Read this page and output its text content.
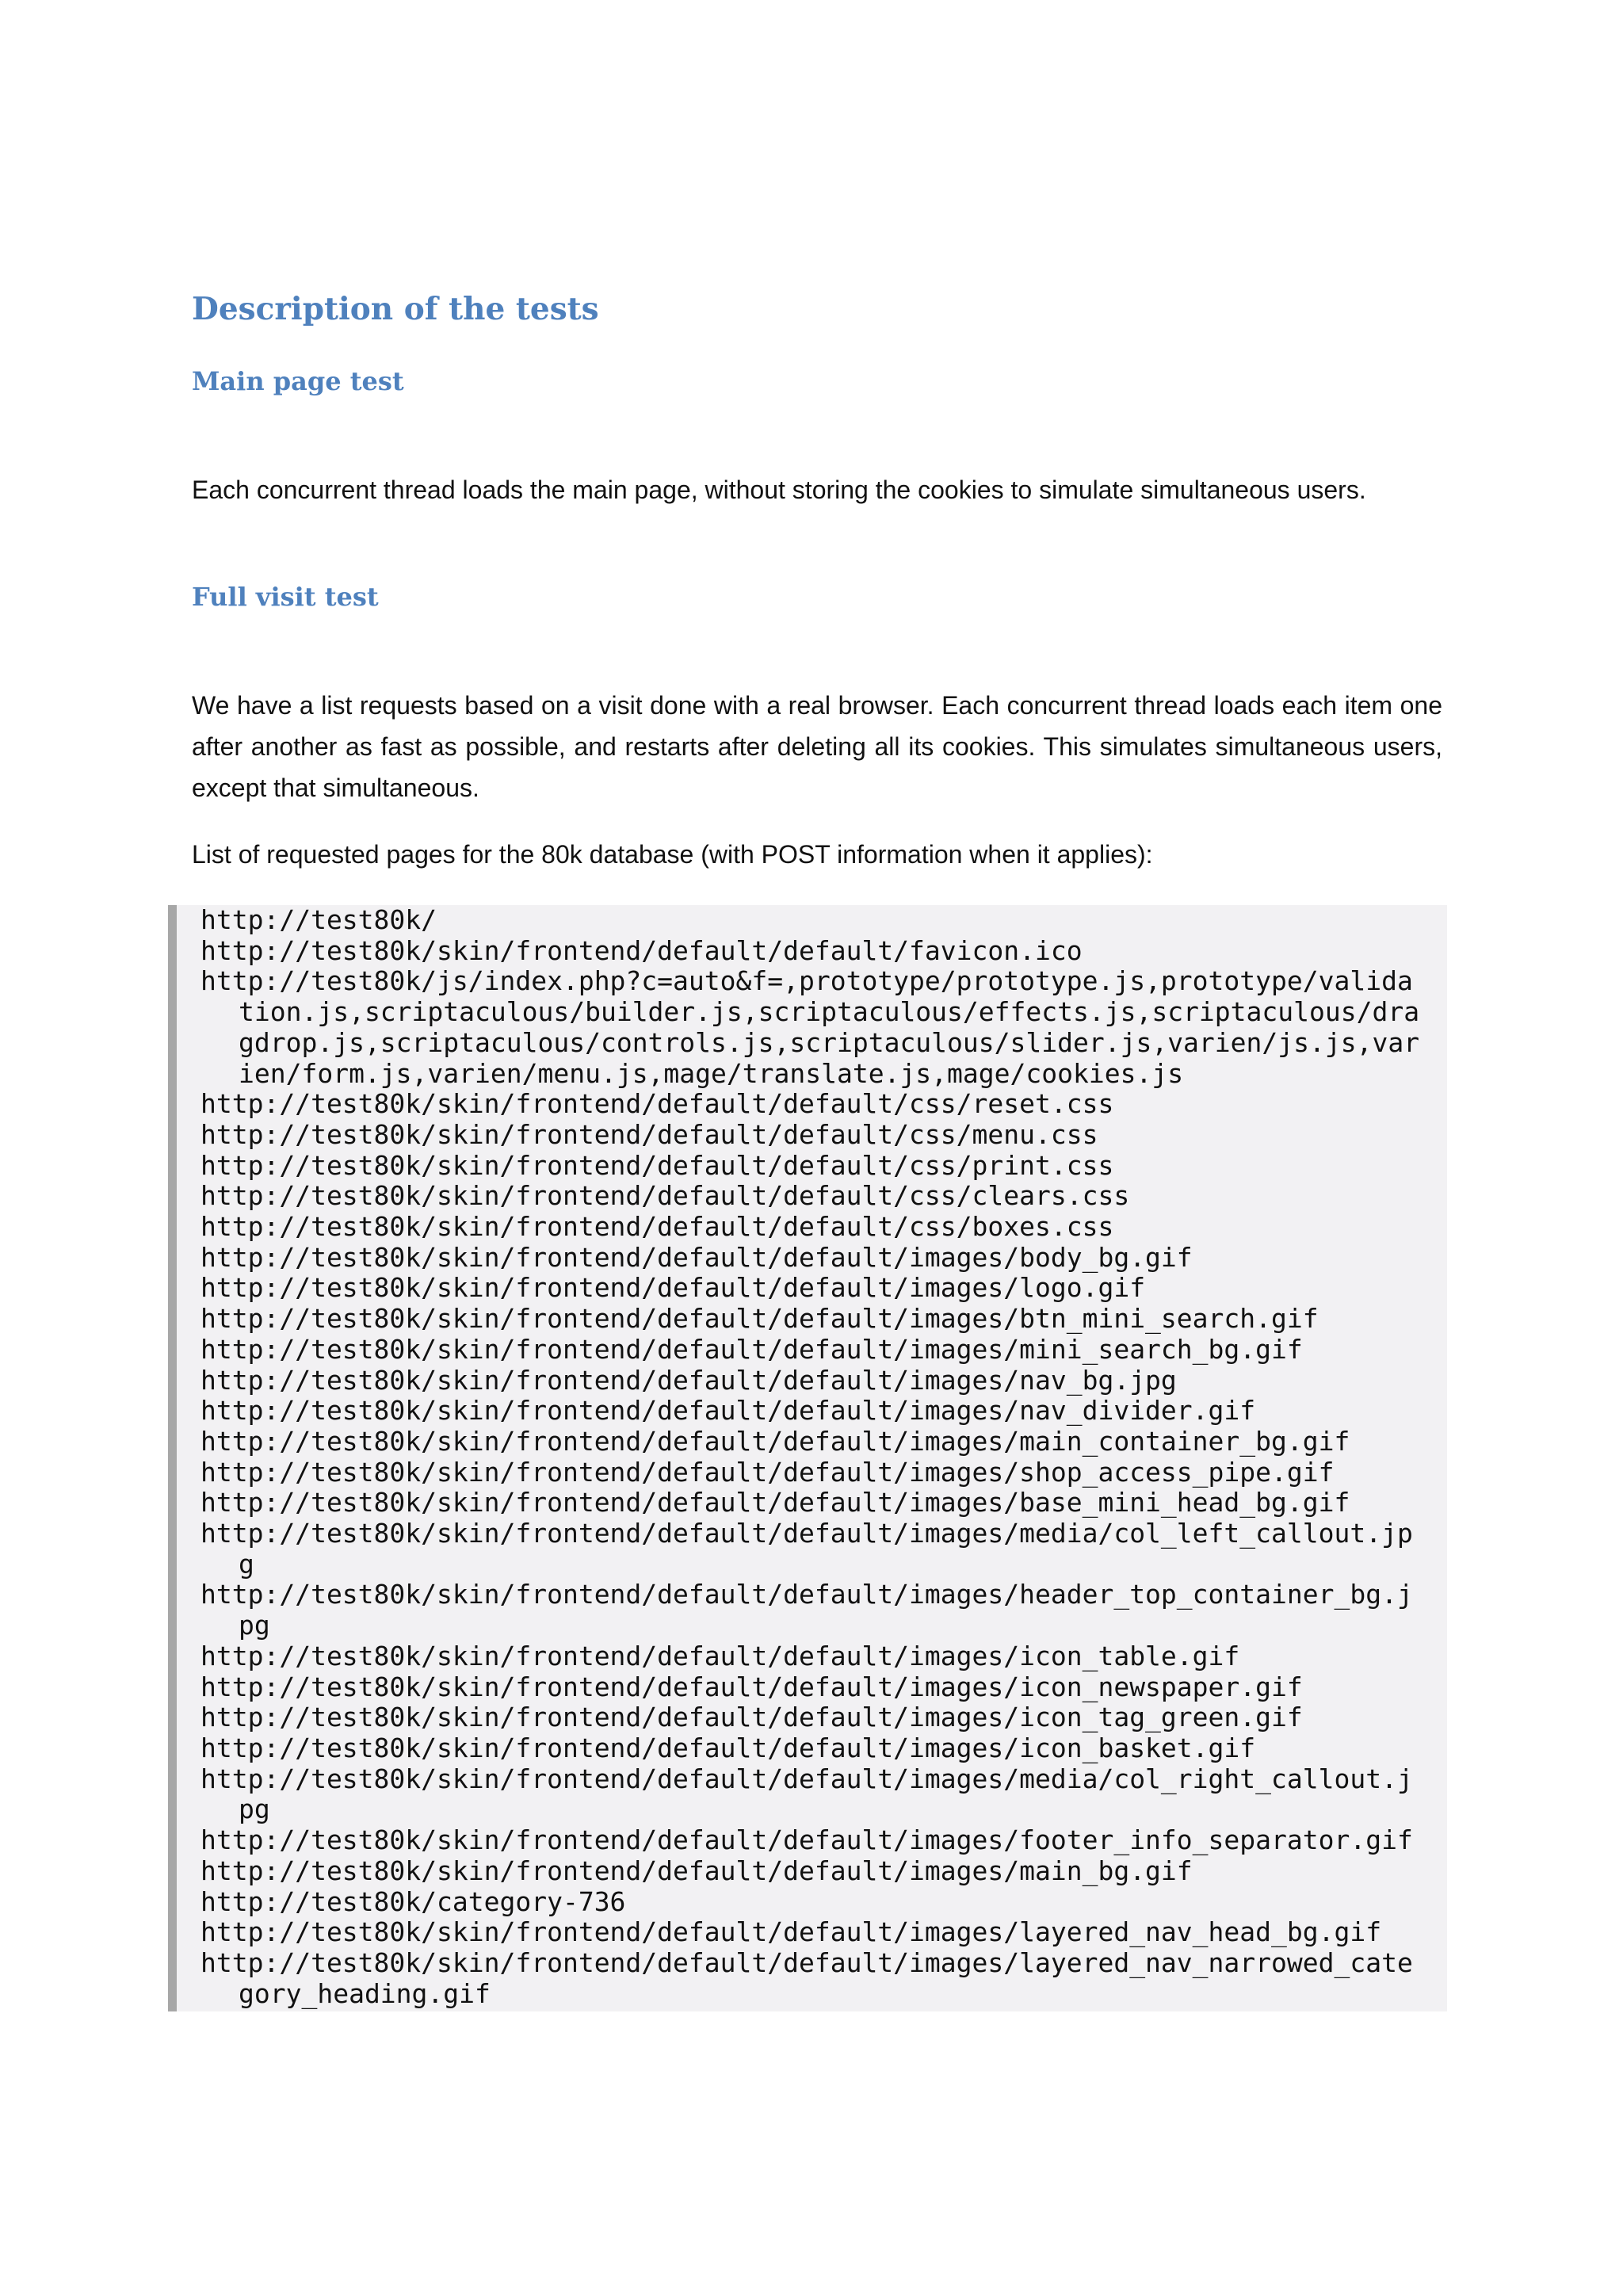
Description of the tests
Main page test

Each concurrent thread loads the main page, without storing the cookies to simulate simultaneous users.

Full visit test

We have a list requests based on a visit done with a real browser. Each concurrent thread loads each item one after another as fast as possible, and restarts after deleting all its cookies. This simulates simultaneous users, except that simultaneous.

List of requested pages for the 80k database (with POST information when it applies):

http://test80k/
http://test80k/skin/frontend/default/default/favicon.ico
http://test80k/js/index.php?c=auto&f=,prototype/prototype.js,prototype/valida
tion.js,scriptaculous/builder.js,scriptaculous/effects.js,scriptaculous/dra
gdrop.js,scriptaculous/controls.js,scriptaculous/slider.js,varien/js.js,var
ien/form.js,varien/menu.js,mage/translate.js,mage/cookies.js
http://test80k/skin/frontend/default/default/css/reset.css
http://test80k/skin/frontend/default/default/css/menu.css
http://test80k/skin/frontend/default/default/css/print.css
http://test80k/skin/frontend/default/default/css/clears.css
http://test80k/skin/frontend/default/default/css/boxes.css
http://test80k/skin/frontend/default/default/images/body_bg.gif
http://test80k/skin/frontend/default/default/images/logo.gif
http://test80k/skin/frontend/default/default/images/btn_mini_search.gif
http://test80k/skin/frontend/default/default/images/mini_search_bg.gif
http://test80k/skin/frontend/default/default/images/nav_bg.jpg
http://test80k/skin/frontend/default/default/images/nav_divider.gif
http://test80k/skin/frontend/default/default/images/main_container_bg.gif
http://test80k/skin/frontend/default/default/images/shop_access_pipe.gif
http://test80k/skin/frontend/default/default/images/base_mini_head_bg.gif
http://test80k/skin/frontend/default/default/images/media/col_left_callout.jp
g
http://test80k/skin/frontend/default/default/images/header_top_container_bg.j
pg
http://test80k/skin/frontend/default/default/images/icon_table.gif
http://test80k/skin/frontend/default/default/images/icon_newspaper.gif
http://test80k/skin/frontend/default/default/images/icon_tag_green.gif
http://test80k/skin/frontend/default/default/images/icon_basket.gif
http://test80k/skin/frontend/default/default/images/media/col_right_callout.j
pg
http://test80k/skin/frontend/default/default/images/footer_info_separator.gif
http://test80k/skin/frontend/default/default/images/main_bg.gif
http://test80k/category-736
http://test80k/skin/frontend/default/default/images/layered_nav_head_bg.gif
http://test80k/skin/frontend/default/default/images/layered_nav_narrowed_cate
gory_heading.gif
